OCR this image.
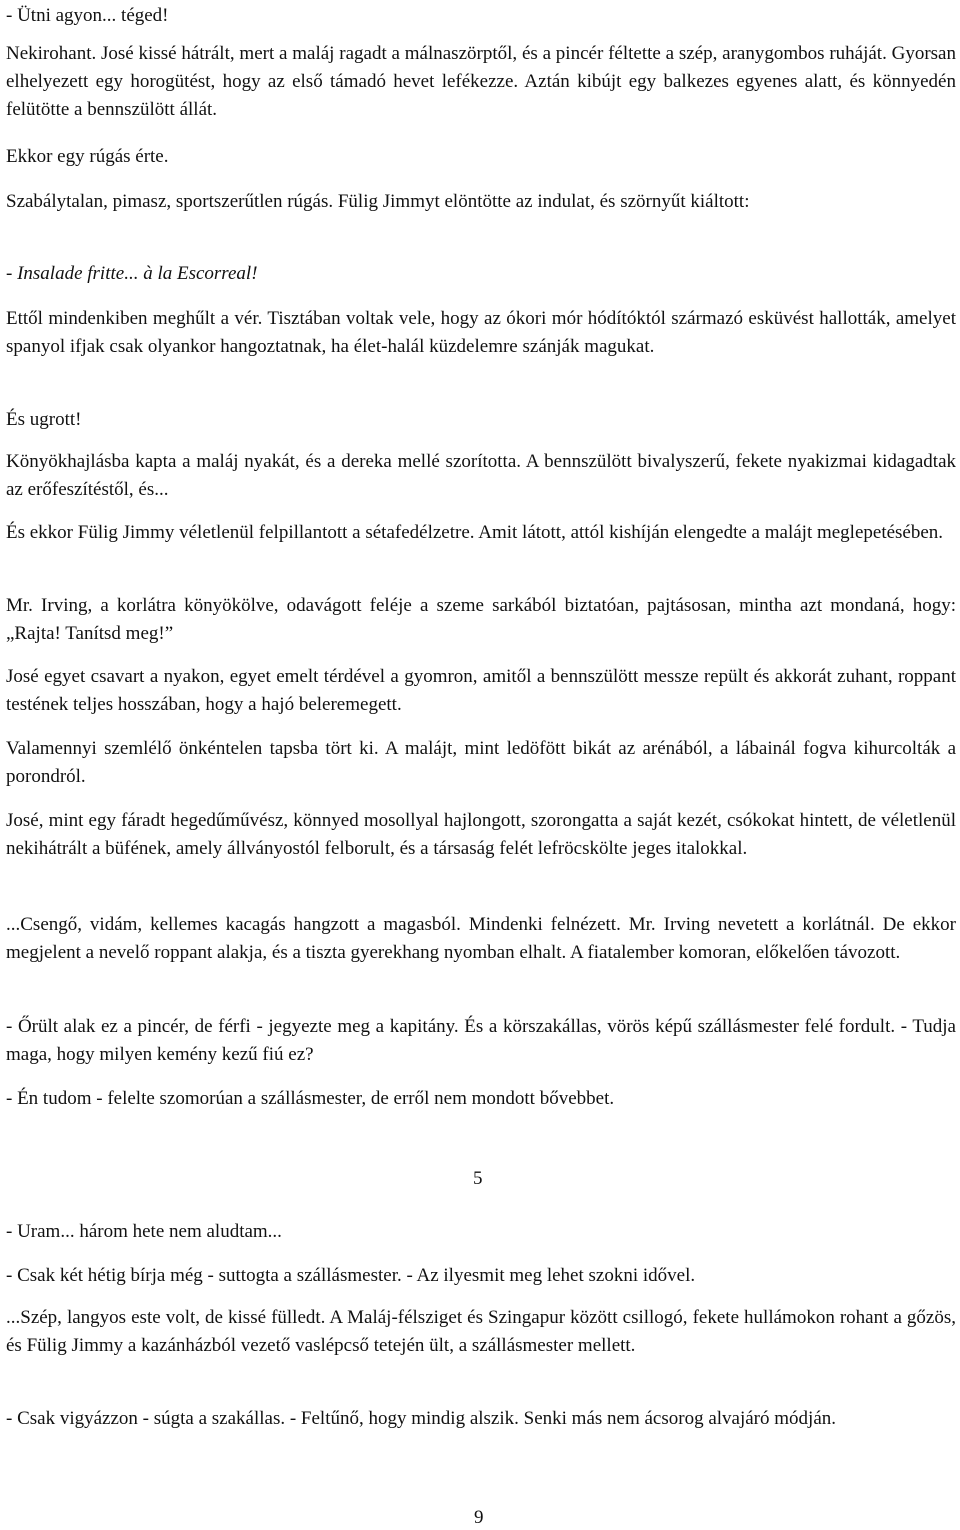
- Ütni agyon... téged!

Nekirohant. José kissé hátrált, mert a maláj ragadt a málnaszörptől, és a pincér féltette a szép, aranygombos ruháját. Gyorsan elhelyezett egy horogütést, hogy az első támadó hevet lefékezze. Aztán kibújt egy balkezes egyenes alatt, és könnyedén felütötte a bennszülött állát.

Ekkor egy rúgás érte.

Szabálytalan, pimasz, sportszerűtlen rúgás. Fülig Jimmyt elöntötte az indulat, és szörnyűt kiáltott:

- Insalade fritte... à la Escorreal!

Ettől mindenkiben meghűlt a vér. Tisztában voltak vele, hogy az ókori mór hódítóktól származó esküvést hallották, amelyet spanyol ifjak csak olyankor hangoztatnak, ha élet-halál küzdelemre szánják magukat.

És ugrott!

Könyökhajlásba kapta a maláj nyakát, és a dereka mellé szorította. A bennszülött bivalyszerű, fekete nyakizmai kidagadtak az erőfeszítéstől, és...

És ekkor Fülig Jimmy véletlenül felpillantott a sétafedélzetre. Amit látott, attól kishíján elengedte a malájt meglepetésében.

Mr. Irving, a korlátra könyökölve, odavágott feléje a szeme sarkából biztatóan, pajtásosan, mintha azt mondaná, hogy: „Rajta! Tanítsd meg!”

José egyet csavart a nyakon, egyet emelt térdével a gyomron, amitől a bennszülött messze repült és akkorát zuhant, roppant testének teljes hosszában, hogy a hajó beleremegett.

Valamennyi szemlélő önkéntelen tapsba tört ki. A malájt, mint ledöfött bikát az arénából, a lábainál fogva kihurcolták a porondról.

José, mint egy fáradt hegedűművész, könnyed mosollyal hajlongott, szorongatta a saját kezét, csókokat hintett, de véletlenül nekihátrált a büfének, amely állványostól felborult, és a társaság felét lefröcskölte jeges italokkal.

...Csengő, vidám, kellemes kacagás hangzott a magasból. Mindenki felnézett. Mr. Irving nevetett a korlátnál. De ekkor megjelent a nevelő roppant alakja, és a tiszta gyerekhang nyomban elhalt. A fiatalember komoran, előkelően távozott.

- Őrült alak ez a pincér, de férfi - jegyezte meg a kapitány. És a körszakállas, vörös képű szállásmester felé fordult. - Tudja maga, hogy milyen kemény kezű fiú ez?

- Én tudom - felelte szomorúan a szállásmester, de erről nem mondott bővebbet.

5

- Uram... három hete nem aludtam...

- Csak két hétig bírja még - suttogta a szállásmester. - Az ilyesmit meg lehet szokni idővel.

...Szép, langyos este volt, de kissé fülledt. A Maláj-félsziget és Szingapur között csillogó, fekete hullámokon rohant a gőzös, és Fülig Jimmy a kazánházból vezető vaslépcső tetején ült, a szállásmester mellett.

- Csak vigyázzon - súgta a szakállas. - Feltűnő, hogy mindig alszik. Senki más nem ácsorog alvajáró módján.

9
